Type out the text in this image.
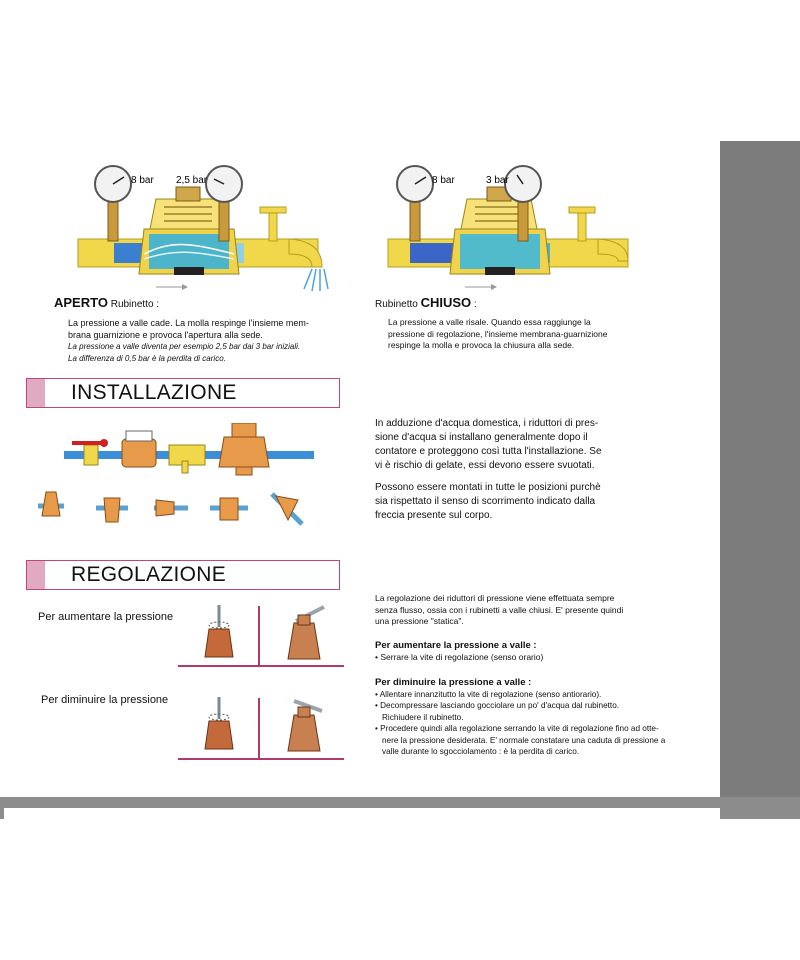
8 bar 2,5 bar	8 bar	3 bar
APERTO Rubinetto :
La pressione a valle cade. La molla respinge l'insieme mem-
brana guarnizione e provoca l'apertura alla sede.
La pressione a valle diventa per esempio 2,5 bar dai 3 bar iniziali.
La differenza di 0,5 bar è la perdita di carico.
Rubinetto CHIUSO :
La pressione a valle risale. Quando essa raggiunge la
pressione di regolazione, l'insieme membrana-guarnizione
respinge la molla e provoca la chiusura alla sede.
INSTALLAZIONE
In adduzione d'acqua domestica, i riduttori di pres-
sione d'acqua si installano generalmente dopo il
contatore e proteggono così tutta l'installazione. Se
vi è rischio di gelate, essi devono essere svuotati.
Possono essere montati in tutte le posizioni purchè
sia rispettato il senso di scorrimento indicato dalla
freccia presente sul corpo.
REGOLAZIONE
Per aumentare la pressione
Per diminuire la pressione
La regolazione dei riduttori di pressione viene effettuata sempre
senza flusso, ossia con i rubinetti a valle chiusi. E' presente quindi
una pressione "statica".
Per aumentare la pressione a valle :
• Serrare la vite di regolazione (senso orario)
Per diminuire la pressione a valle :
• Allentare innanzitutto la vite di regolazione (senso antiorario).
• Decompressare lasciando gocciolare un po' d'acqua dal rubinetto.
Richiudere il rubinetto.
• Procedere quindi alla regolazione serrando la vite di regolazione fino ad otte-
nere la pressione desiderata. E' normale constatare una caduta di pressione a
valle durante lo sgocciolamento : è la perdita di carico.
